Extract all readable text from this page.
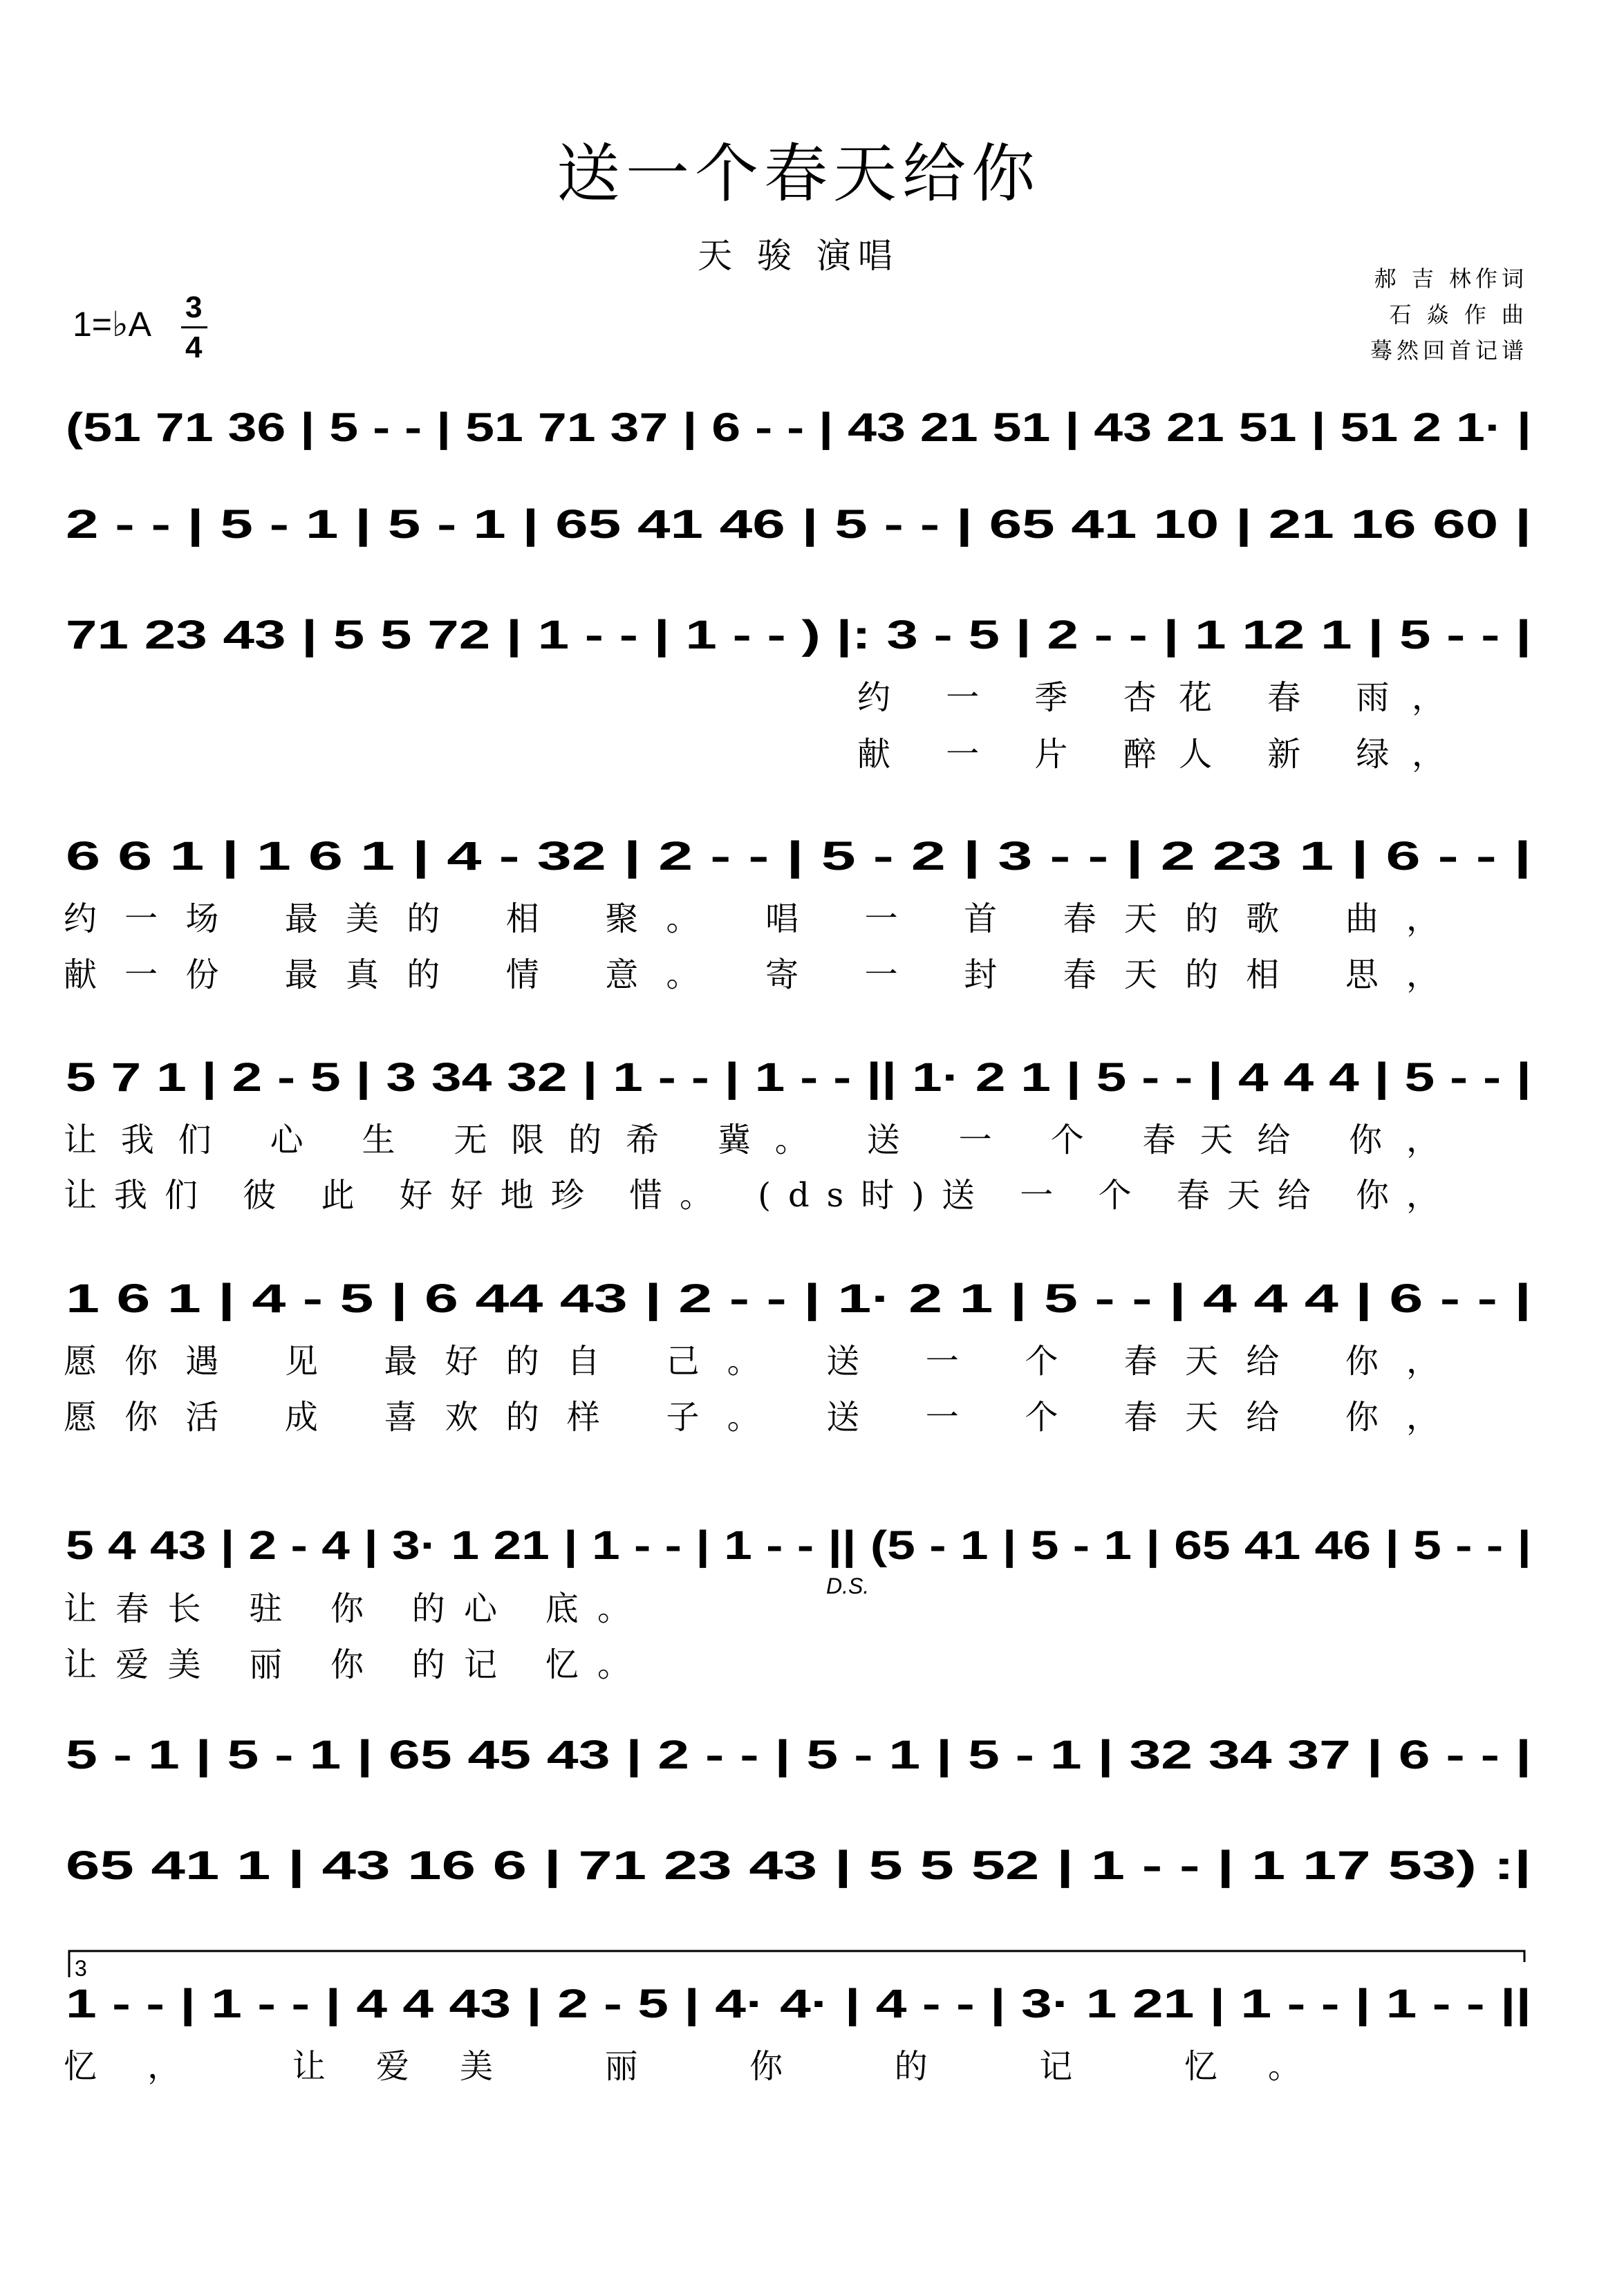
送一个春天给你
天 骏 演唱
郝 吉 林作词
石 焱 作 曲
蓦然回首记谱
1=♭A 3
4
(51 71 36 | 5 - - | 51 71 37 | 6 - - | 43 21 51 | 43 21 51 | 51 2 1· |
2 - - | 5 - 1 | 5 - 1 | 65 41 46 | 5 - - | 65 41 10 | 21 16 60 |
71 23 43 | 5 5 72 | 1 - - | 1 - - ) |: 3 - 5 | 2 - - | 1 12 1 | 5 - - |
约 一 季 杏花 春 雨，
献 一 片 醉人 新 绿，
6 6 1 | 1 6 1 | 4 - 32 | 2 - - | 5 - 2 | 3 - - | 2 23 1 | 6 - - |
约一场 最美的 相 聚。 唱 一 首 春天的歌 曲，
献一份 最真的 情 意。 寄 一 封 春天的相 思，
5 7 1 | 2 - 5 | 3 34 32 | 1 - - | 1 - - || 1· 2 1 | 5 - - | 4 4 4 | 5 - - |
让我们 心 生 无限的希 冀。 送 一 个 春天给 你，
让我们 彼 此 好好地珍 惜。 (ds时)送 一 个 春天给 你，
1 6 1 | 4 - 5 | 6 44 43 | 2 - - | 1· 2 1 | 5 - - | 4 4 4 | 6 - - |
愿你遇 见 最好的自 己。 送 一 个 春天给 你，
愿你活 成 喜欢的样 子。 送 一 个 春天给 你，
5 4 43 | 2 - 4 | 3· 1 21 | 1 - - | 1 - - || (5 - 1 | 5 - 1 | 65 41 46 | 5 - - |
让春长 驻 你 的心 底。
让爱美 丽 你 的记 忆。
D.S.
5 - 1 | 5 - 1 | 65 45 43 | 2 - - | 5 - 1 | 5 - 1 | 32 34 37 | 6 - - |
65 41 1 | 43 16 6 | 71 23 43 | 5 5 52 | 1 - - | 1 17 53) :|
3
1 - - | 1 - - | 4 4 43 | 2 - 5 | 4· 4· | 4 - - | 3· 1 21 | 1 - - | 1 - - ||
忆， 让爱美 丽 你 的 记 忆。
